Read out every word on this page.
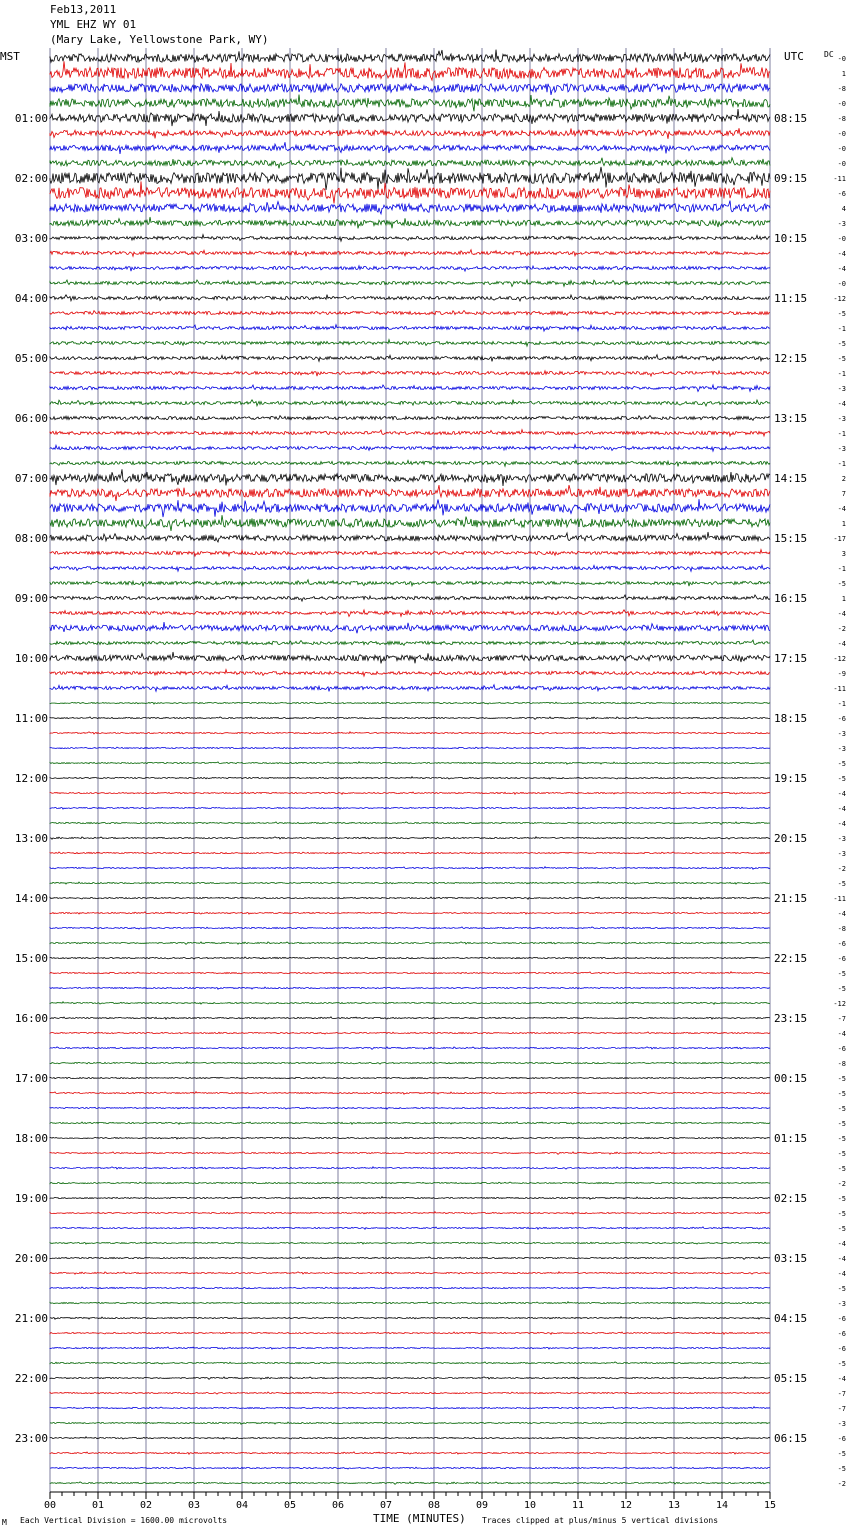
Feb13,2011
YML EHZ WY 01
(Mary Lake, Yellowstone Park, WY)
MST	UTC	DC -0
1
-8
-0
-8
-0
-0
-0
-11
-6
4
-3
-0
-4
-4
-0
-12
-5
-1
-5
-5
-1
-3
-4
-3
-1
-3
-1
2
7
-4
1
-17
3
-1
-5
1
-4
-2
-4
-12
-9
-11
-1
-6
-3
-3
-5
-5
-4
-4
-4
-3
-3
-2
-5
-11
-4
-8
-6
-6
-5
-5
-12
-7
-4
-6
-8
-5
-5
-5
-5
-5
-5
-5
-2
-5
-5
-5
-4
-4
-4
-5
-3
-6
-6
-6
-5
-4
-7
-7
-3
-6
-5
-5
-2
01:00
02:00
03:00
04:00
05:00
06:00
07:00
08:00
09:00
10:00
11:00
12:00
13:00
14:00
15:00
16:00
17:00
18:00
19:00
20:00
21:00
22:00
23:00
08:15
09:15
10:15
11:15
12:15
13:15
14:15
15:15
16:15
17:15
18:15
19:15
20:15
21:15
22:15
23:15
00:15
01:15
02:15
03:15
04:15
05:15
06:15
00	01	02	03	04	05	06	07	08	09	10	11	12	13	14	15
M Each Vertical Division = 1600.00 microvolts	TIME (MINUTES) Traces clipped at plus/minus 5 vertical divisions
